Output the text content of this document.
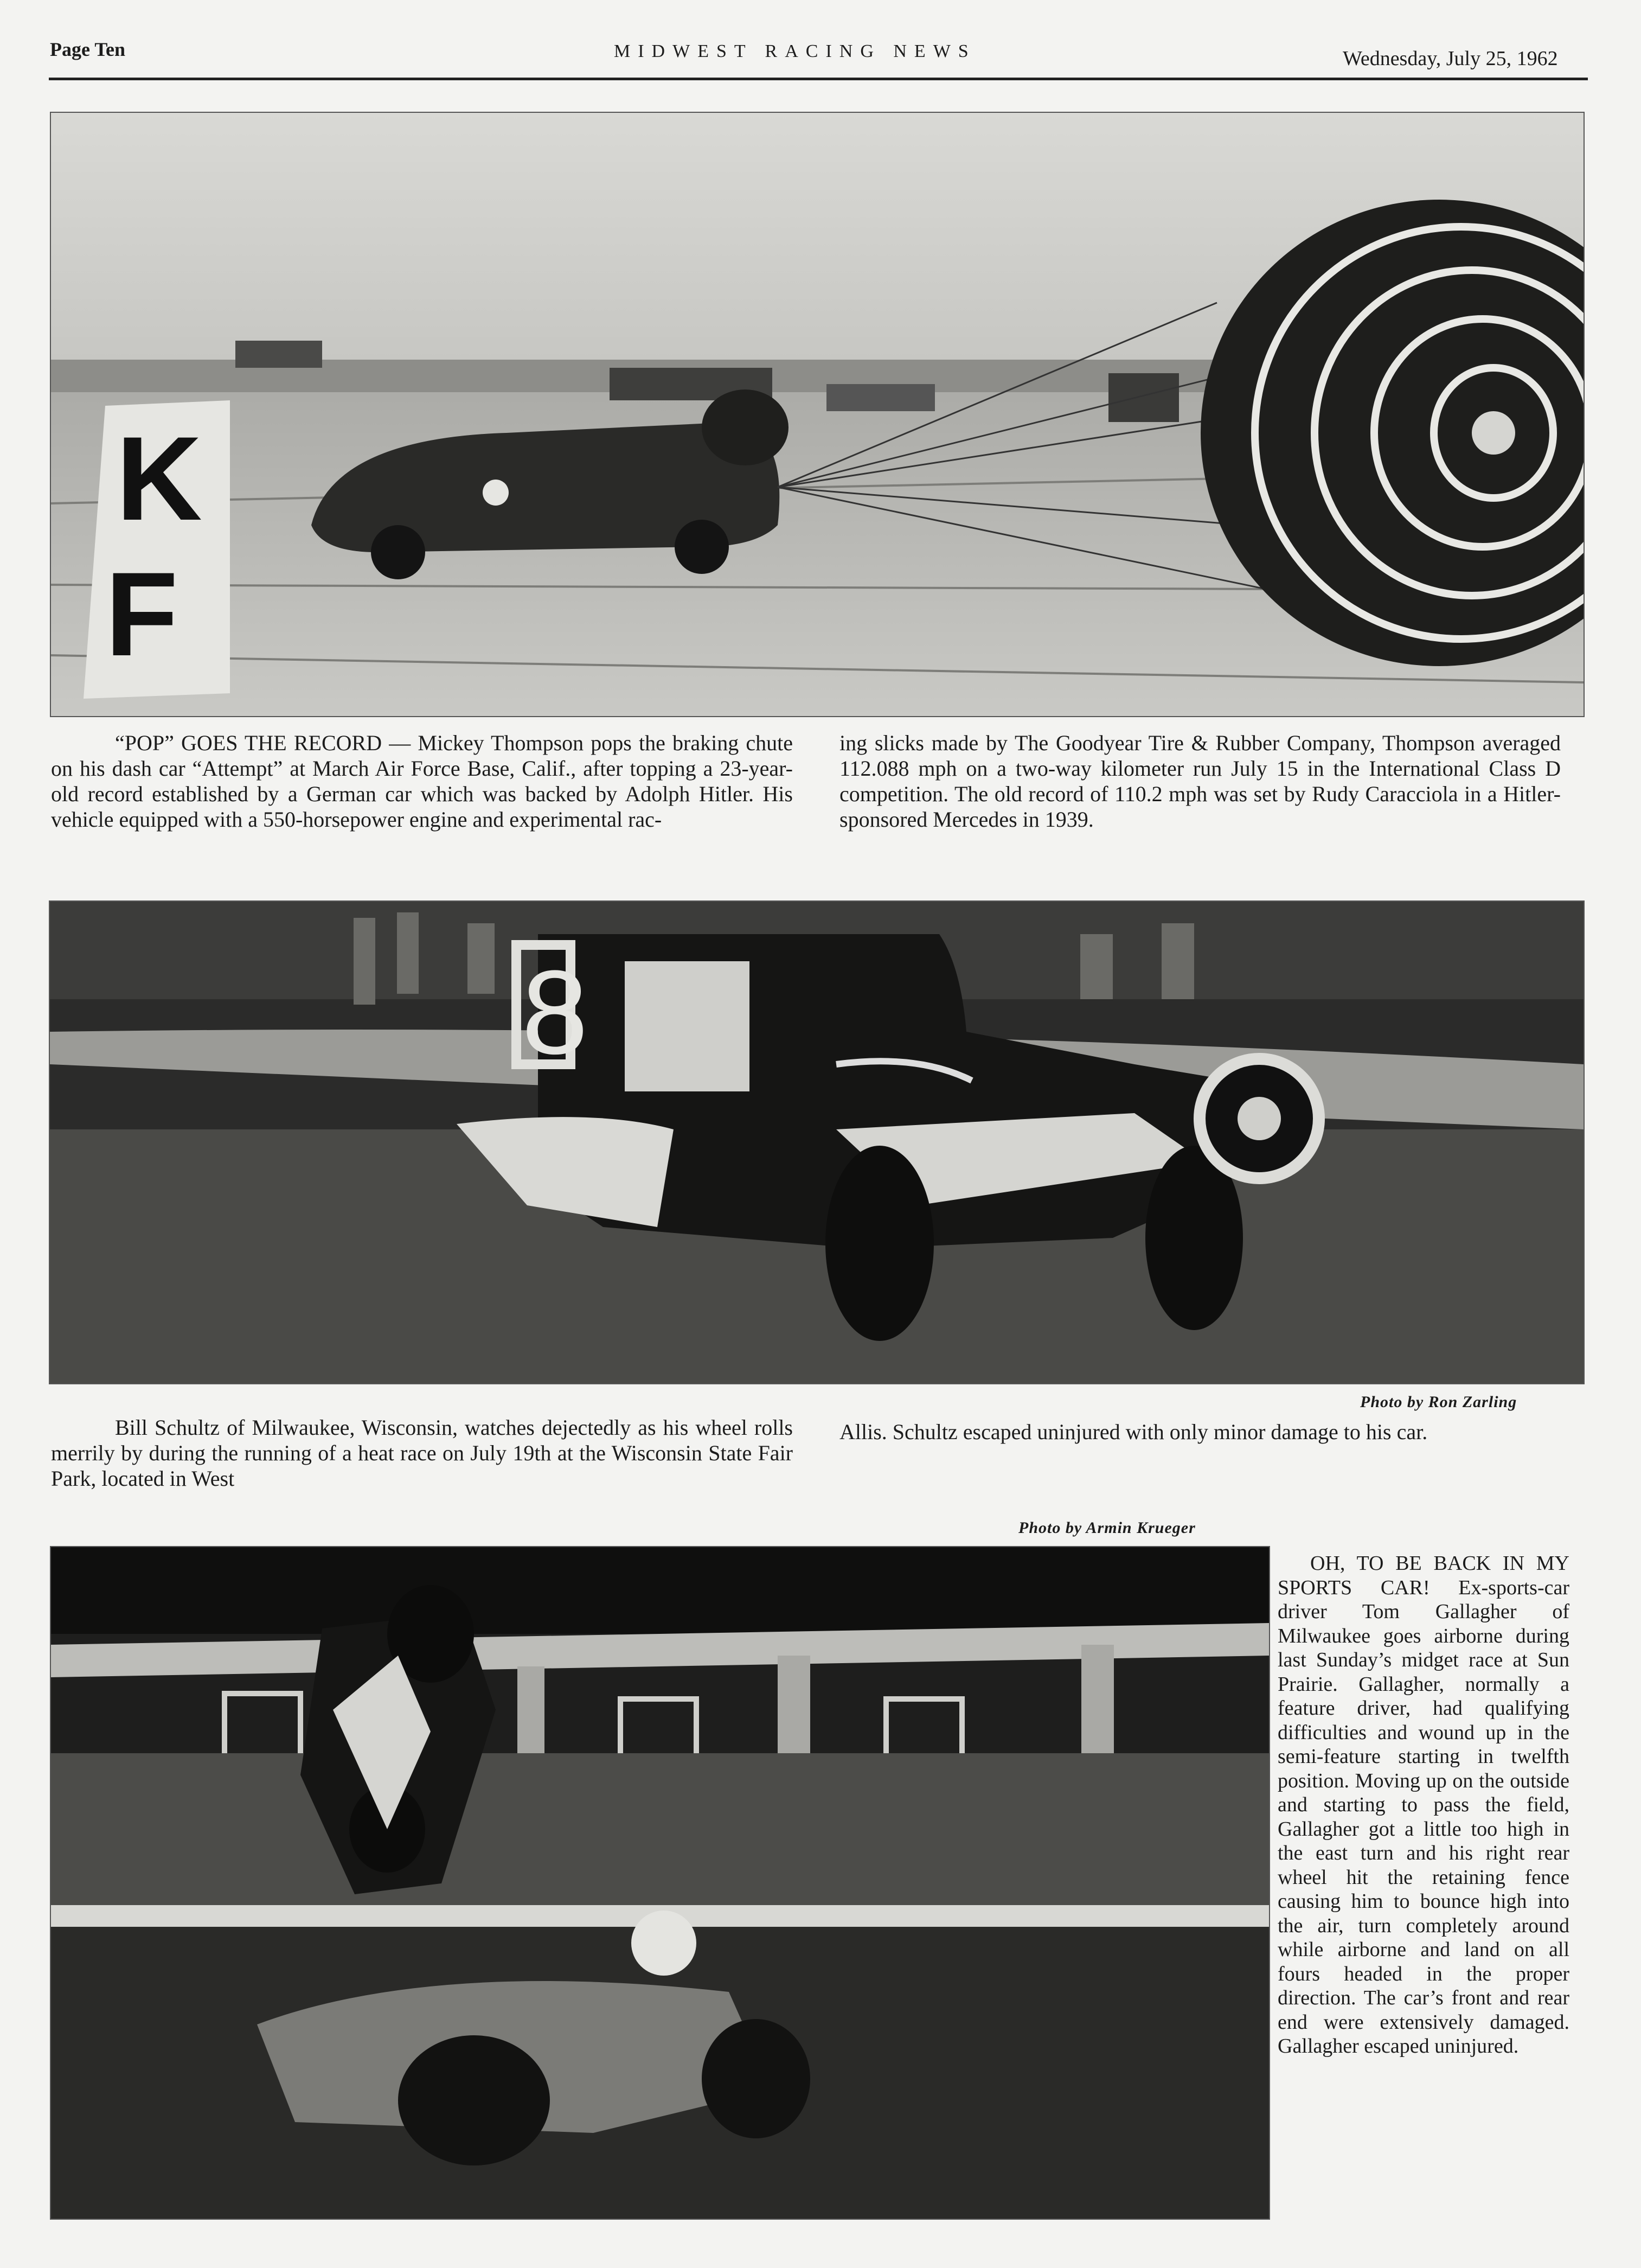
Page Ten	MIDWEST RACING NEWS	Wednesday, July 25, 1962
K
F

“POP” GOES THE RECORD — Mickey Thompson pops the braking chute on his dash car “Attempt” at March Air Force Base, Calif., after topping a 23-year-old record established by a German car which was backed by Adolph Hitler. His vehicle equipped with a 550-horsepower engine and experimental rac-

ing slicks made by The Goodyear Tire & Rubber Company, Thompson averaged 112.088 mph on a two-way kilometer run July 15 in the International Class D competition. The old record of 110.2 mph was set by Rudy Caracciola in a Hitler-sponsored Mercedes in 1939.

8
Photo by Ron Zarling

Bill Schultz of Milwaukee, Wisconsin, watches dejectedly as his wheel rolls merrily by during the running of a heat race on July 19th at the Wisconsin State Fair Park, located in West

Allis. Schultz escaped uninjured with only minor damage to his car.

Photo by Armin Krueger

OH, TO BE BACK IN MY SPORTS CAR! Ex-sports-car driver Tom Gallagher of Milwaukee goes airborne during last Sunday’s midget race at Sun Prairie. Gallagher, normally a feature driver, had qualifying difficulties and wound up in the semi-feature starting in twelfth position. Moving up on the outside and starting to pass the field, Gallagher got a little too high in the east turn and his right rear wheel hit the retaining fence causing him to bounce high into the air, turn completely around while airborne and land on all fours headed in the proper direction. The car’s front and rear end were extensively damaged. Gallagher escaped uninjured.
